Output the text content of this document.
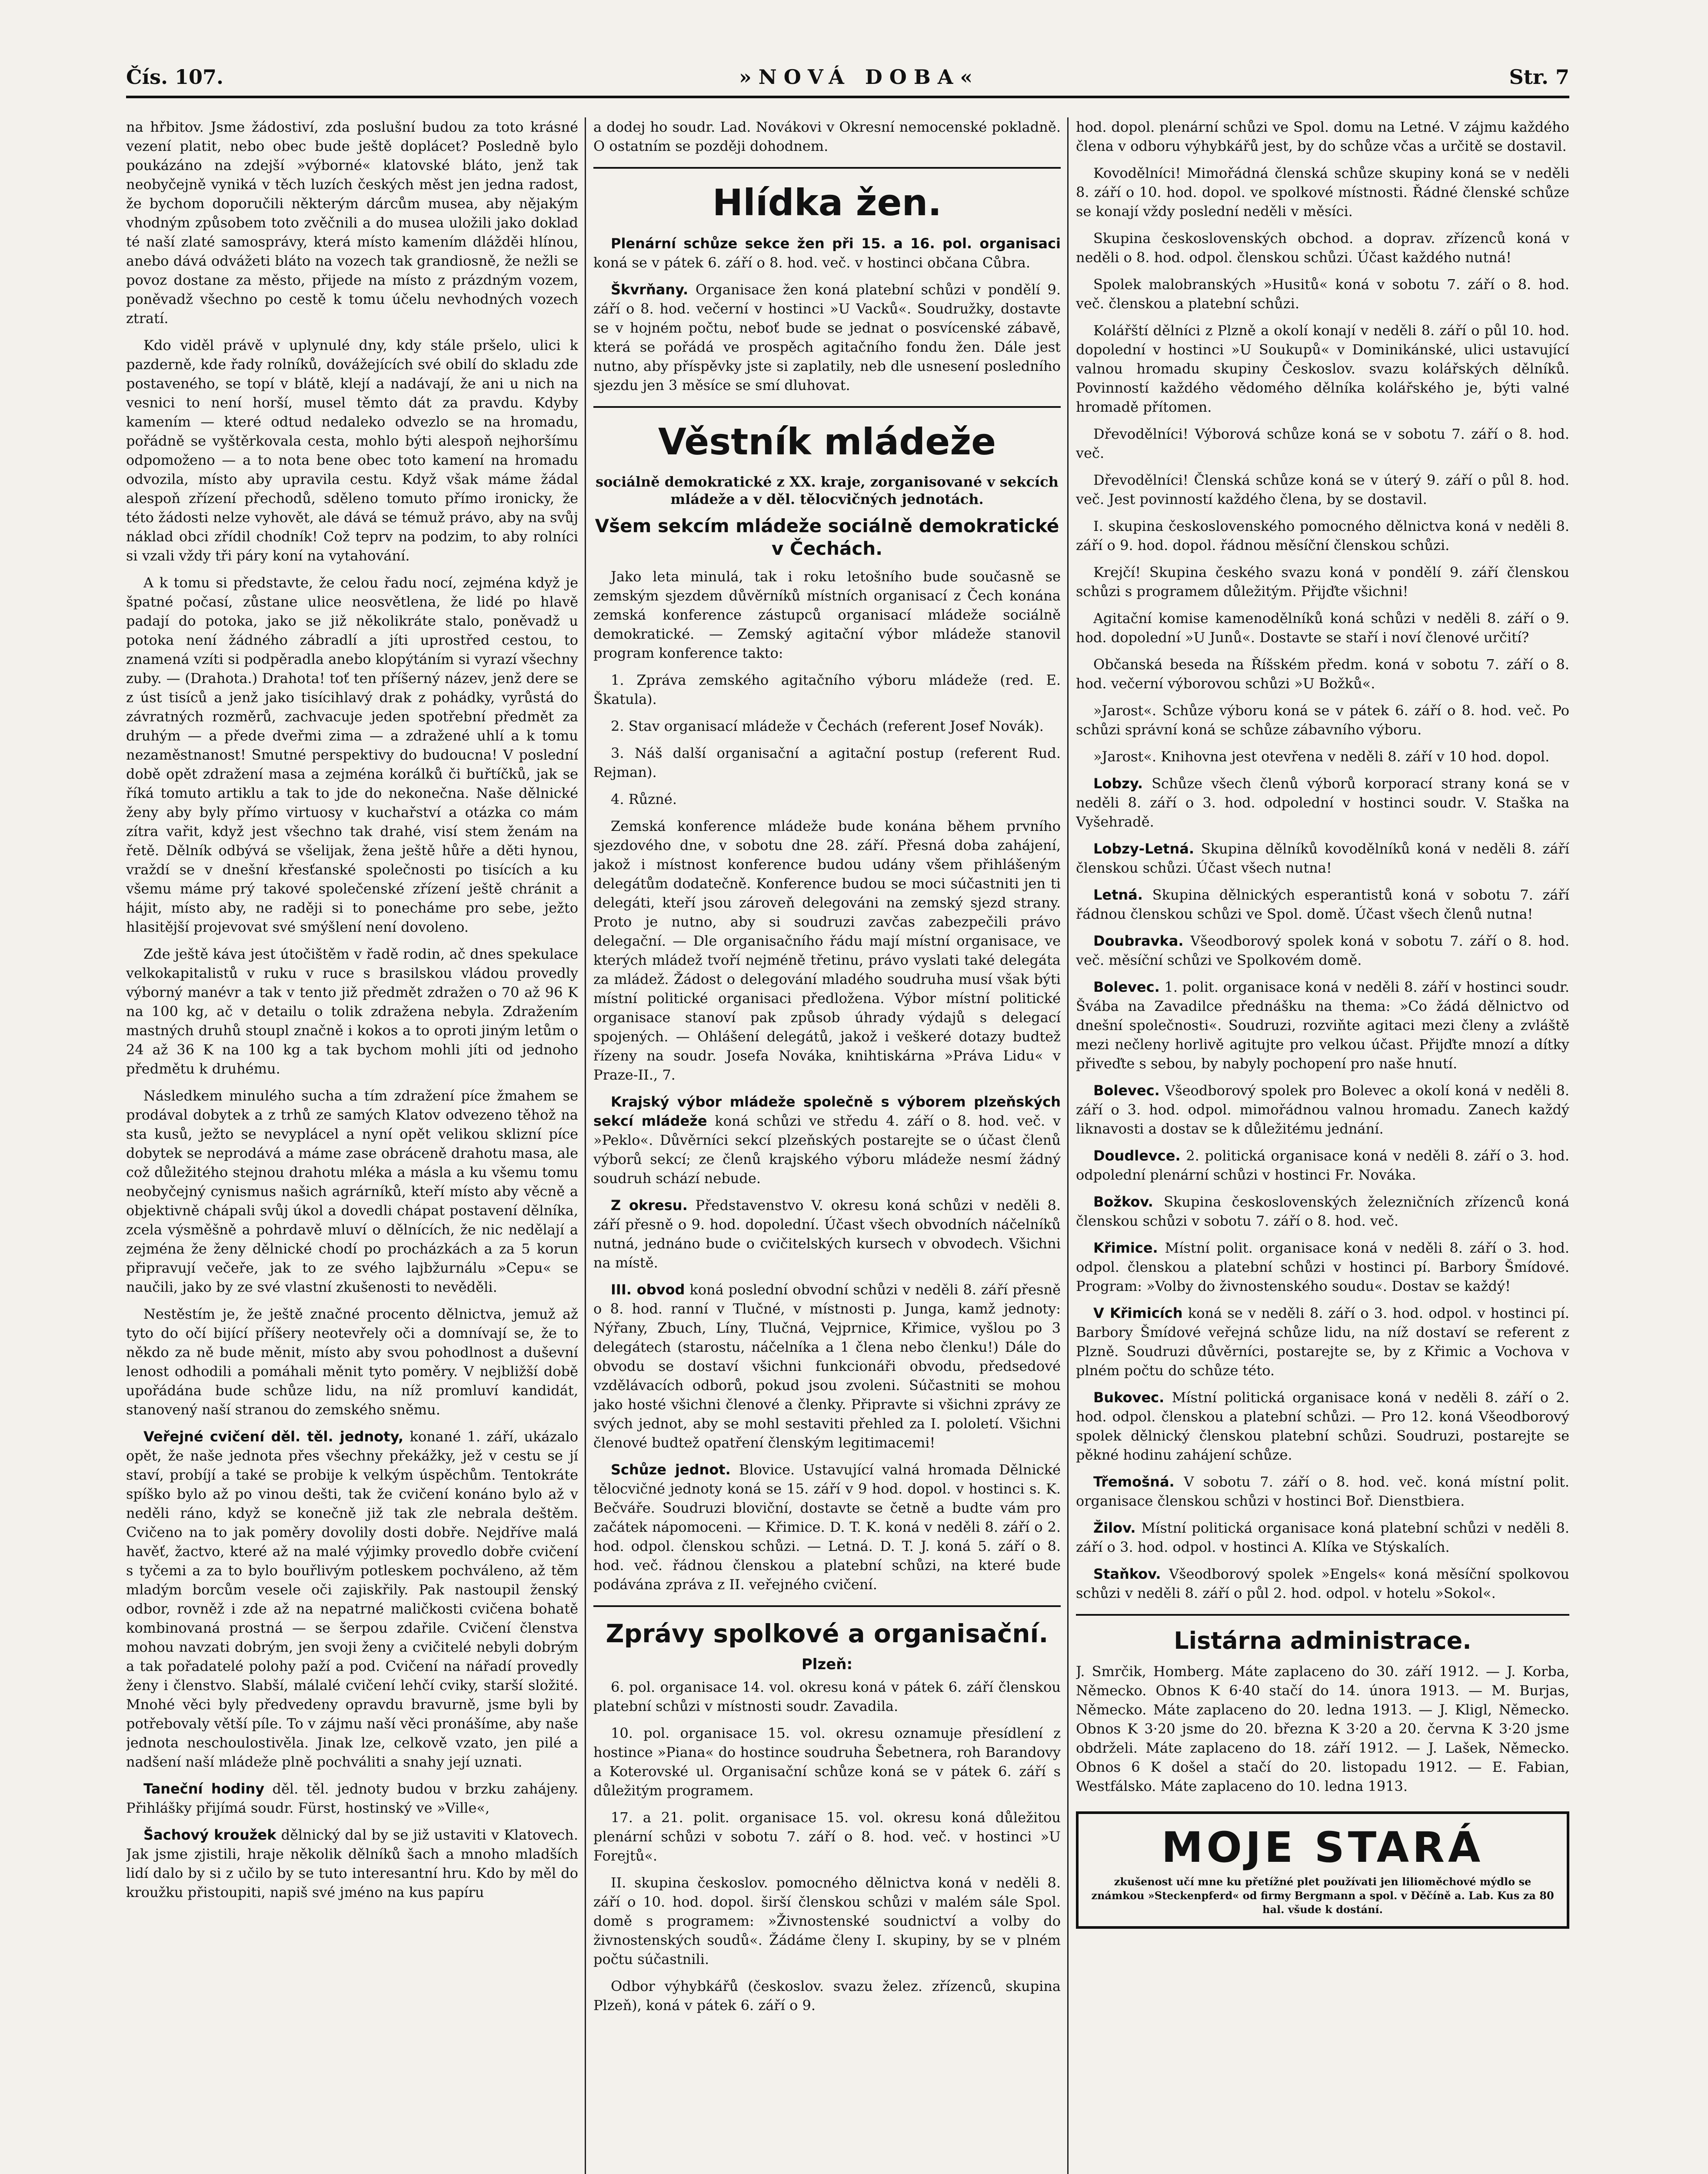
Čís. 107.	»NOVÁ DOBA«	Str. 7

na hřbitov. Jsme žádostiví, zda poslušní budou za toto krásné vezení platit, nebo obec bude ještě doplácet? Posledně bylo poukázáno na zdejší »výborné« klatovské bláto, jenž tak neobyčejně vyniká v těch luzích českých měst jen jedna radost, že bychom doporučili některým dárcům musea, aby nějakým vhodným způsobem toto zvěčnili a do musea uložili jako doklad té naší zlaté samosprávy, která místo kamením dlážděi hlínou, anebo dává odvážeti bláto na vozech tak grandiosně, že nežli se povoz dostane za město, přijede na místo z prázdným vozem, poněvadž všechno po cestě k tomu účelu nevhodných vozech ztratí.

Kdo viděl právě v uplynulé dny, kdy stále pršelo, ulici k pazderně, kde řady rolníků, dovážejících své obilí do skladu zde postaveného, se topí v blátě, klejí a nadávají, že ani u nich na vesnici to není horší, musel těmto dát za pravdu. Kdyby kamením — které odtud nedaleko odvezlo se na hromadu, pořádně se vyštěrkovala cesta, mohlo býti alespoň nejhoršímu odpomoženo — a to nota bene obec toto kamení na hromadu odvozila, místo aby upravila cestu. Když však máme žádal alespoň zřízení přechodů, sděleno tomuto přímo ironicky, že této žádosti nelze vyhovět, ale dává se témuž právo, aby na svůj náklad obci zřídil chodník! Což teprv na podzim, to aby rolníci si vzali vždy tři páry koní na vytahování.

A k tomu si představte, že celou řadu nocí, zejména když je špatné počasí, zůstane ulice neosvětlena, že lidé po hlavě padají do potoka, jako se již několikráte stalo, poněvadž u potoka není žádného zábradlí a jíti uprostřed cestou, to znamená vzíti si podpěradla anebo klopýtáním si vyrazí všechny zuby. — (Drahota.) Drahota! toť ten příšerný název, jenž dere se z úst tisíců a jenž jako tisícihlavý drak z pohádky, vyrůstá do závratných rozměrů, zachvacuje jeden spotřební předmět za druhým — a přede dveřmi zima — a zdražené uhlí a k tomu nezaměstnanost! Smutné perspektivy do budoucna! V poslední době opět zdražení masa a zejména korálků či buřtíčků, jak se říká tomuto artiklu a tak to jde do nekonečna. Naše dělnické ženy aby byly přímo virtuosy v kuchařství a otázka co mám zítra vařit, když jest všechno tak drahé, visí stem ženám na řetě. Dělník odbývá se všelijak, žena ještě hůře a děti hynou, vraždí se v dnešní křesťanské společnosti po tisících a ku všemu máme prý takové společenské zřízení ještě chránit a hájit, místo aby, ne raději si to ponecháme pro sebe, ježto hlasitější projevovat své smýšlení není dovoleno.

Zde ještě káva jest útočištěm v řadě rodin, ač dnes spekulace velkokapitalistů v ruku v ruce s brasilskou vládou provedly výborný manévr a tak v tento již předmět zdražen o 70 až 96 K na 100 kg, ač v detailu o tolik zdražena nebyla. Zdražením mastných druhů stoupl značně i kokos a to oproti jiným letům o 24 až 36 K na 100 kg a tak bychom mohli jíti od jednoho předmětu k druhému.

Následkem minulého sucha a tím zdražení píce žmahem se prodával dobytek a z trhů ze samých Klatov odvezeno těhož na sta kusů, ježto se nevyplácel a nyní opět velikou sklizní píce dobytek se neprodává a máme zase obráceně drahotu masa, ale což důležitého stejnou drahotu mléka a másla a ku všemu tomu neobyčejný cynismus našich agrárníků, kteří místo aby věcně a objektivně chápali svůj úkol a dovedli chápat postavení dělníka, zcela výsměšně a pohrdavě mluví o dělnících, že nic nedělají a zejména že ženy dělnické chodí po procházkách a za 5 korun připravují večeře, jak to ze svého lajbžurnálu »Cepu« se naučili, jako by ze své vlastní zkušenosti to nevěděli.

Nestěstím je, že ještě značné procento dělnictva, jemuž až tyto do očí bijící příšery neotevřely oči a domnívají se, že to někdo za ně bude měnit, místo aby svou pohodlnost a duševní lenost odhodili a pomáhali měnit tyto poměry. V nejbližší době upořádána bude schůze lidu, na níž promluví kandidát, stanovený naší stranou do zemského sněmu.

Veřejné cvičení děl. těl. jednoty, konané 1. září, ukázalo opět, že naše jednota přes všechny překážky, jež v cestu se jí staví, probíjí a také se probije k velkým úspěchům. Tentokráte spíško bylo až po vinou dešti, tak že cvičení konáno bylo až v neděli ráno, když se konečně již tak zle nebrala deštěm. Cvičeno na to jak poměry dovolily dosti dobře. Nejdříve malá havěť, žactvo, které až na malé výjimky provedlo dobře cvičení s tyčemi a za to bylo bouřlivým potleskem pochváleno, až těm mladým borcům vesele oči zajiskřily. Pak nastoupil ženský odbor, rovněž i zde až na nepatrné maličkosti cvičena bohatě kombinovaná prostná — se šerpou zdařile. Cvičení členstva mohou navzati dobrým, jen svoji ženy a cvičitelé nebyli dobrým a tak pořadatelé polohy paží a pod. Cvičení na nářadí provedly ženy i členstvo. Slabší, málalé cvičení lehčí cviky, starší složité. Mnohé věci byly předvedeny opravdu bravurně, jsme byli by potřebovaly větší píle. To v zájmu naší věci pronášíme, aby naše jednota neschoulostivěla. Jinak lze, celkově vzato, jen pilé a nadšení naší mládeže plně pochváliti a snahy její uznati.

Taneční hodiny děl. těl. jednoty budou v brzku zahájeny. Přihlášky přijímá soudr. Fürst, hostinský ve »Ville«,

Šachový kroužek dělnický dal by se již ustaviti v Klatovech. Jak jsme zjistili, hraje několik dělníků šach a mnoho mladších lidí dalo by si z učilo by se tuto interesantní hru. Kdo by měl do kroužku přistoupiti, napiš své jméno na kus papíru

a dodej ho soudr. Lad. Novákovi v Okresní nemocenské pokladně. O ostatním se později dohodnem.

Hlídka žen.

Plenární schůze sekce žen při 15. a 16. pol. organisaci koná se v pátek 6. září o 8. hod. več. v hostinci občana Cůbra.

Škvrňany. Organisace žen koná platební schůzi v pondělí 9. září o 8. hod. večerní v hostinci »U Vacků«. Soudružky, dostavte se v hojném počtu, neboť bude se jednat o posvícenské zábavě, která se pořádá ve prospěch agitačního fondu žen. Dále jest nutno, aby příspěvky jste si zaplatily, neb dle usnesení posledního sjezdu jen 3 měsíce se smí dluhovat.

Věstník mládeže
sociálně demokratické z XX. kraje, zorganisované v sekcích mládeže a v děl. tělocvičných jednotách.
Všem sekcím mládeže sociálně demokratické v Čechách.

Jako leta minulá, tak i roku letošního bude současně se zemským sjezdem důvěrníků místních organisací z Čech konána zemská konference zástupců organisací mládeže sociálně demokratické. — Zemský agitační výbor mládeže stanovil program konference takto:

1. Zpráva zemského agitačního výboru mládeže (red. E. Škatula).

2. Stav organisací mládeže v Čechách (referent Josef Novák).

3. Náš další organisační a agitační postup (referent Rud. Rejman).

4. Různé.

Zemská konference mládeže bude konána během prvního sjezdového dne, v sobotu dne 28. září. Přesná doba zahájení, jakož i místnost konference budou udány všem přihlášeným delegátům dodatečně. Konference budou se moci súčastniti jen ti delegáti, kteří jsou zároveň delegováni na zemský sjezd strany. Proto je nutno, aby si soudruzi zavčas zabezpečili právo delegační. — Dle organisačního řádu mají místní organisace, ve kterých mládež tvoří nejméně třetinu, právo vyslati také delegáta za mládež. Žádost o delegování mladého soudruha musí však býti místní politické organisaci předložena. Výbor místní politické organisace stanoví pak způsob úhrady výdajů s delegací spojených. — Ohlášení delegátů, jakož i veškeré dotazy budtež řízeny na soudr. Josefa Nováka, knihtiskárna »Práva Lidu« v Praze-II., 7.

Krajský výbor mládeže společně s výborem plzeňských sekcí mládeže koná schůzi ve středu 4. září o 8. hod. več. v »Peklo«. Důvěrníci sekcí plzeňských postarejte se o účast členů výborů sekcí; ze členů krajského výboru mládeže nesmí žádný soudruh schází nebude.

Z okresu. Představenstvo V. okresu koná schůzi v neděli 8. září přesně o 9. hod. dopolední. Účast všech obvodních náčelníků nutná, jednáno bude o cvičitelských kursech v obvodech. Všichni na místě.

III. obvod koná poslední obvodní schůzi v neděli 8. září přesně o 8. hod. ranní v Tlučné, v místnosti p. Junga, kamž jednoty: Nýřany, Zbuch, Líny, Tlučná, Vejprnice, Křimice, vyšlou po 3 delegátech (starostu, náčelníka a 1 člena nebo členku!) Dále do obvodu se dostaví všichni funkcionáři obvodu, předsedové vzdělávacích odborů, pokud jsou zvoleni. Súčastniti se mohou jako hosté všichni členové a členky. Připravte si všichni zprávy ze svých jednot, aby se mohl sestaviti přehled za I. pololetí. Všichni členové budtež opatření členským legitimacemi!

Schůze jednot. Blovice. Ustavující valná hromada Dělnické tělocvičné jednoty koná se 15. září v 9 hod. dopol. v hostinci s. K. Bečváře. Soudruzi bloviční, dostavte se četně a budte vám pro začátek nápomoceni. — Křimice. D. T. K. koná v neděli 8. září o 2. hod. odpol. členskou schůzi. — Letná. D. T. J. koná 5. září o 8. hod. več. řádnou členskou a platební schůzi, na které bude podávána zpráva z II. veřejného cvičení.

Zprávy spolkové a organisační.
Plzeň:

6. pol. organisace 14. vol. okresu koná v pátek 6. září členskou platební schůzi v místnosti soudr. Zavadila.

10. pol. organisace 15. vol. okresu oznamuje přesídlení z hostince »Piana« do hostince soudruha Šebetnera, roh Barandovy a Koterovské ul. Organisační schůze koná se v pátek 6. září s důležitým programem.

17. a 21. polit. organisace 15. vol. okresu koná důležitou plenární schůzi v sobotu 7. září o 8. hod. več. v hostinci »U Forejtů«.

II. skupina českoslov. pomocného dělnictva koná v neděli 8. září o 10. hod. dopol. širší členskou schůzi v malém sále Spol. domě s programem: »Živnostenské soudnictví a volby do živnostenských soudů«. Žádáme členy I. skupiny, by se v plném počtu súčastnili.

Odbor výhybkářů (českoslov. svazu želez. zřízenců, skupina Plzeň), koná v pátek 6. září o 9.

hod. dopol. plenární schůzi ve Spol. domu na Letné. V zájmu každého člena v odboru výhybkářů jest, by do schůze včas a určitě se dostavil.

Kovodělníci! Mimořádná členská schůze skupiny koná se v neděli 8. září o 10. hod. dopol. ve spolkové místnosti. Řádné členské schůze se konají vždy poslední neděli v měsíci.

Skupina československých obchod. a doprav. zřízenců koná v neděli o 8. hod. odpol. členskou schůzi. Účast každého nutná!

Spolek malobranských »Husitů« koná v sobotu 7. září o 8. hod. več. členskou a platební schůzi.

Kolářští dělníci z Plzně a okolí konají v neděli 8. září o půl 10. hod. dopolední v hostinci »U Soukupů« v Dominikánské, ulici ustavující valnou hromadu skupiny Českoslov. svazu kolářských dělníků. Povinností každého vědomého dělníka kolářského je, býti valné hromadě přítomen.

Dřevodělníci! Výborová schůze koná se v sobotu 7. září o 8. hod. več.

Dřevodělníci! Členská schůze koná se v úterý 9. září o půl 8. hod. več. Jest povinností každého člena, by se dostavil.

I. skupina československého pomocného dělnictva koná v neděli 8. září o 9. hod. dopol. řádnou měsíční členskou schůzi.

Krejčí! Skupina českého svazu koná v pondělí 9. září členskou schůzi s programem důležitým. Přijďte všichni!

Agitační komise kamenodělníků koná schůzi v neděli 8. září o 9. hod. dopolední »U Junů«. Dostavte se staří i noví členové určití?

Občanská beseda na Říšském předm. koná v sobotu 7. září o 8. hod. večerní výborovou schůzi »U Božků«.

»Jarost«. Schůze výboru koná se v pátek 6. září o 8. hod. več. Po schůzi správní koná se schůze zábavního výboru.

»Jarost«. Knihovna jest otevřena v neděli 8. září v 10 hod. dopol.

Lobzy. Schůze všech členů výborů korporací strany koná se v neděli 8. září o 3. hod. odpolední v hostinci soudr. V. Staška na Vyšehradě.

Lobzy-Letná. Skupina dělníků kovodělníků koná v neděli 8. září členskou schůzi. Účast všech nutna!

Letná. Skupina dělnických esperantistů koná v sobotu 7. září řádnou členskou schůzi ve Spol. domě. Účast všech členů nutna!

Doubravka. Všeodborový spolek koná v sobotu 7. září o 8. hod. več. měsíční schůzi ve Spolkovém domě.

Bolevec. 1. polit. organisace koná v neděli 8. září v hostinci soudr. Švába na Zavadilce přednášku na thema: »Co žádá dělnictvo od dnešní společnosti«. Soudruzi, rozviňte agitaci mezi členy a zvláště mezi nečleny horlivě agitujte pro velkou účast. Přijďte mnozí a dítky přiveďte s sebou, by nabyly pochopení pro naše hnutí.

Bolevec. Všeodborový spolek pro Bolevec a okolí koná v neděli 8. září o 3. hod. odpol. mimořádnou valnou hromadu. Zanech každý liknavosti a dostav se k důležitému jednání.

Doudlevce. 2. politická organisace koná v neděli 8. září o 3. hod. odpolední plenární schůzi v hostinci Fr. Nováka.

Božkov. Skupina československých železničních zřízenců koná členskou schůzi v sobotu 7. září o 8. hod. več.

Křimice. Místní polit. organisace koná v neděli 8. září o 3. hod. odpol. členskou a platební schůzi v hostinci pí. Barbory Šmídové. Program: »Volby do živnostenského soudu«. Dostav se každý!

V Křimicích koná se v neděli 8. září o 3. hod. odpol. v hostinci pí. Barbory Šmídové veřejná schůze lidu, na níž dostaví se referent z Plzně. Soudruzi důvěrníci, postarejte se, by z Křimic a Vochova v plném počtu do schůze této.

Bukovec. Místní politická organisace koná v neděli 8. září o 2. hod. odpol. členskou a platební schůzi. — Pro 12. koná Všeodborový spolek dělnický členskou platební schůzi. Soudruzi, postarejte se pěkné hodinu zahájení schůze.

Třemošná. V sobotu 7. září o 8. hod. več. koná místní polit. organisace členskou schůzi v hostinci Boř. Dienstbiera.

Žilov. Místní politická organisace koná platební schůzi v neděli 8. září o 3. hod. odpol. v hostinci A. Klíka ve Stýskalích.

Staňkov. Všeodborový spolek »Engels« koná měsíční spolkovou schůzi v neděli 8. září o půl 2. hod. odpol. v hotelu »Sokol«.

Listárna administrace.

J. Smrčik, Homberg. Máte zaplaceno do 30. září 1912. — J. Korba, Německo. Obnos K 6·40 stačí do 14. února 1913. — M. Burjas, Německo. Máte zaplaceno do 20. ledna 1913. — J. Kligl, Německo. Obnos K 3·20 jsme do 20. března K 3·20 a 20. června K 3·20 jsme obdrželi. Máte zaplaceno do 18. září 1912. — J. Lašek, Německo. Obnos 6 K došel a stačí do 20. listopadu 1912. — E. Fabian, Westfálsko. Máte zaplaceno do 10. ledna 1913.

MOJE STARÁ
zkušenost učí mne ku přetížné plet používati jen lilioměchové mýdlo se známkou »Steckenpferd« od firmy Bergmann a spol. v Děčíně a. Lab. Kus za 80 hal. všude k dostání.
